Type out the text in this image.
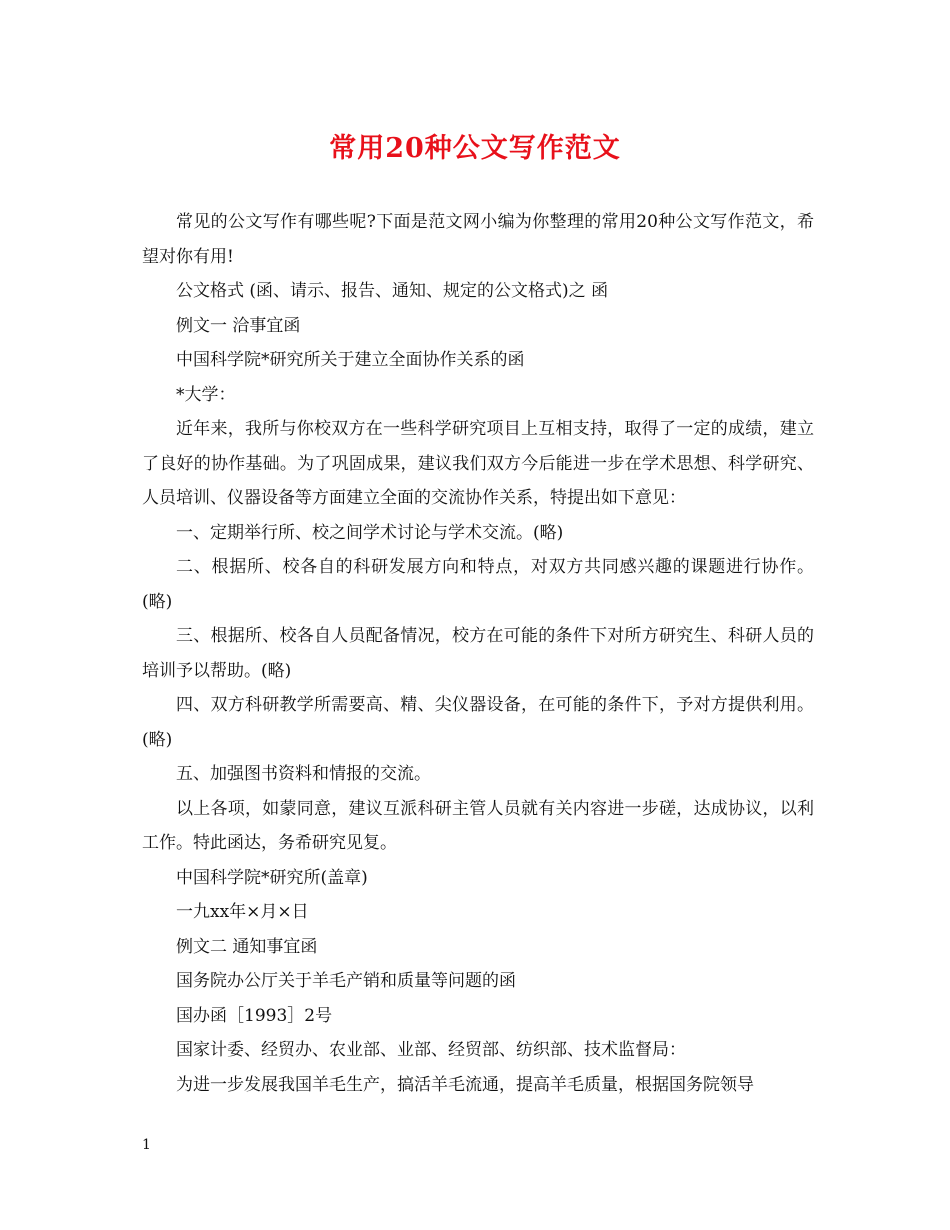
常用20种公文写作范文

常见的公文写作有哪些呢?下面是范文网小编为你整理的常用20种公文写作范文，希望对你有用!

公文格式 (函、请示、报告、通知、规定的公文格式)之 函

例文一 洽事宜函

中国科学院*研究所关于建立全面协作关系的函

*大学：

近年来，我所与你校双方在一些科学研究项目上互相支持，取得了一定的成绩，建立了良好的协作基础。为了巩固成果，建议我们双方今后能进一步在学术思想、科学研究、人员培训、仪器设备等方面建立全面的交流协作关系，特提出如下意见：

一、定期举行所、校之间学术讨论与学术交流。(略)

二、根据所、校各自的科研发展方向和特点，对双方共同感兴趣的课题进行协作。(略)

三、根据所、校各自人员配备情况，校方在可能的条件下对所方研究生、科研人员的培训予以帮助。(略)

四、双方科研教学所需要高、精、尖仪器设备，在可能的条件下，予对方提供利用。(略)

五、加强图书资料和情报的交流。

以上各项，如蒙同意，建议互派科研主管人员就有关内容进一步磋，达成协议，以利工作。特此函达，务希研究见复。

中国科学院*研究所(盖章)

一九xx年×月×日

例文二 通知事宜函

国务院办公厅关于羊毛产销和质量等问题的函

国办函［1993］2号

国家计委、经贸办、农业部、业部、经贸部、纺织部、技术监督局：

为进一步发展我国羊毛生产，搞活羊毛流通，提高羊毛质量，根据国务院领导

1
